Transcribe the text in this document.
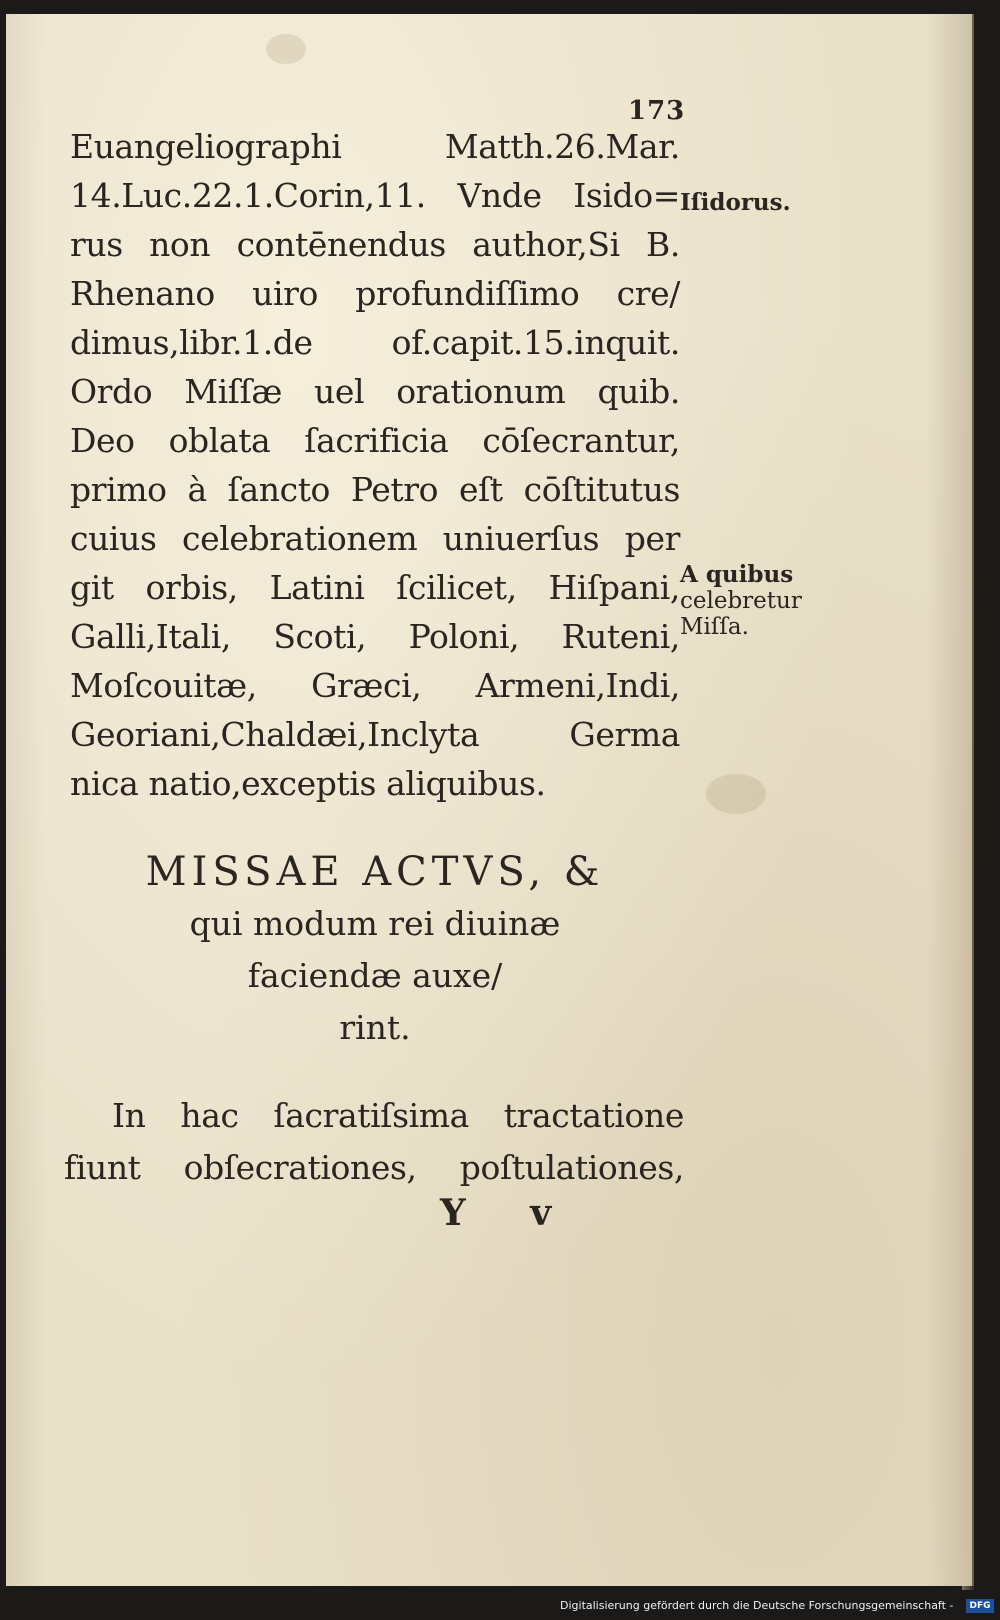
173
Euangeliographi Matth.26.Mar.
14.Luc.22.1.Corin,11. Vnde Isido=
rus non contēnendus author,Si B.
Rhenano uiro profundiſſimo cre/
dimus,libr.1.de of.capit.15.inquit.
Ordo Miſſæ uel orationum quib.
Deo oblata ſacrificia cōſecrantur,
primo à ſancto Petro eſt cōſtitutus
cuius celebrationem uniuerſus per
git orbis, Latini ſcilicet, Hiſpani,
Galli,Itali, Scoti, Poloni, Ruteni,
Moſcouitæ, Græci, Armeni,Indi,
Georiani,Chaldæi,Inclyta Germa
nica natio,exceptis aliquibus.
Iſidorus.
A quibus
celebretur
Miſſa.
MISSAE ACTVS, &
qui modum rei diuinæ
faciendæ auxe/
rint.
In hac ſacratiſsima tractatione
fiunt obſecrationes, poſtulationes,
Y v
Digitalisierung gefördert durch die Deutsche Forschungsgemeinschaft -	DFG
